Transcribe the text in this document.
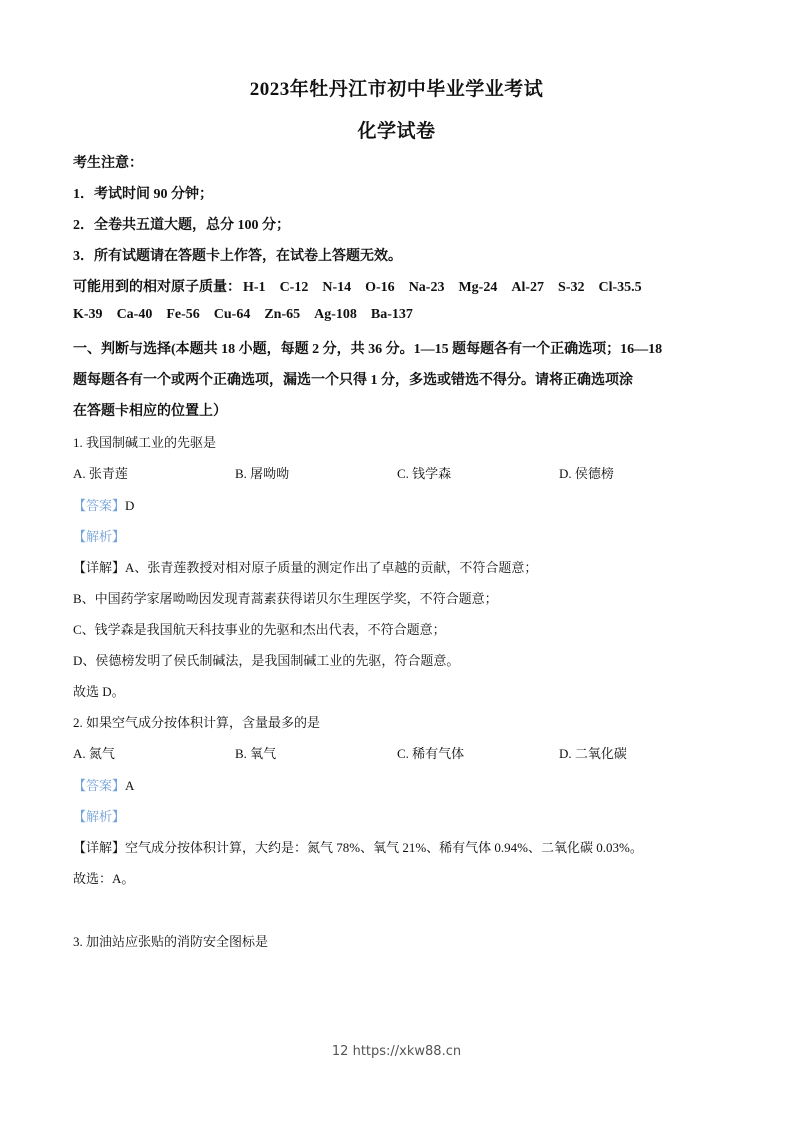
2023年牡丹江市初中毕业学业考试
化学试卷
考生注意：
1．考试时间 90 分钟；
2．全卷共五道大题，总分 100 分；
3．所有试题请在答题卡上作答，在试卷上答题无效。
可能用到的相对原子质量： H-1 C-12 N-14 O-16 Na-23 Mg-24 Al-27 S-32 Cl-35.5
K-39 Ca-40 Fe-56 Cu-64 Zn-65 Ag-108 Ba-137
一、判断与选择(本题共 18 小题，每题 2 分，共 36 分。1—15 题每题各有一个正确选项；16—18
题每题各有一个或两个正确选项，漏选一个只得 1 分，多选或错选不得分。请将正确选项涂
在答题卡相应的位置上）
1. 我国制碱工业的先驱是
A. 张青莲	B. 屠呦呦	C. 钱学森	D. 侯德榜
【答案】D
【解析】
【详解】A、张青莲教授对相对原子质量的测定作出了卓越的贡献，不符合题意；
B、中国药学家屠呦呦因发现青蒿素获得诺贝尔生理医学奖，不符合题意；
C、钱学森是我国航天科技事业的先驱和杰出代表，不符合题意；
D、侯德榜发明了侯氏制碱法，是我国制碱工业的先驱，符合题意。
故选 D。
2. 如果空气成分按体积计算，含量最多的是
A. 氮气	B. 氧气	C. 稀有气体	D. 二氧化碳
【答案】A
【解析】
【详解】空气成分按体积计算，大约是：氮气 78%、氧气 21%、稀有气体 0.94%、二氧化碳 0.03%。
故选：A。
3. 加油站应张贴的消防安全图标是
12 https://xkw88.cn
